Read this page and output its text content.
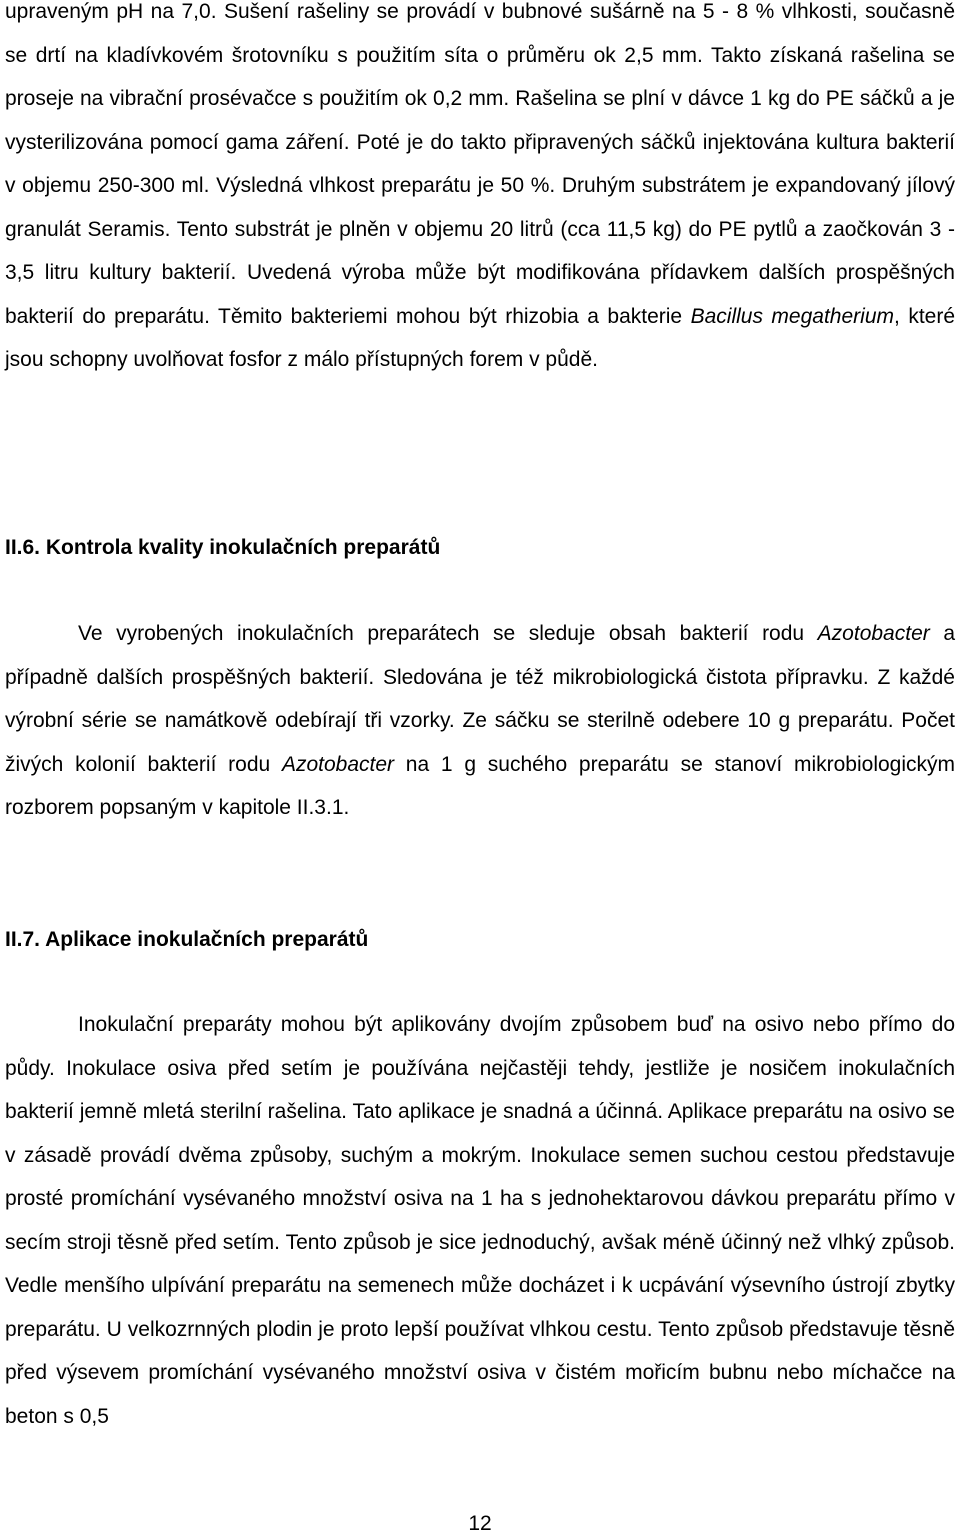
upraveným pH na 7,0. Sušení rašeliny se provádí v bubnové sušárně na 5 - 8 % vlhkosti, současně se drtí na kladívkovém šrotovníku s použitím síta o průměru ok 2,5 mm. Takto získaná rašelina se proseje na vibrační prosévačce s použitím ok 0,2 mm. Rašelina se plní v dávce 1 kg do PE sáčků a je vysterilizována pomocí gama záření. Poté je do takto připravených sáčků injektována kultura bakterií v objemu 250-300 ml. Výsledná vlhkost preparátu je 50 %. Druhým substrátem je expandovaný jílový granulát Seramis. Tento substrát je plněn v objemu 20 litrů (cca 11,5 kg) do PE pytlů a zaočkován 3 - 3,5 litru kultury bakterií. Uvedená výroba může být modifikována přídavkem dalších prospěšných bakterií do preparátu. Těmito bakteriemi mohou být rhizobia a bakterie Bacillus megatherium, které jsou schopny uvolňovat fosfor z málo přístupných forem v půdě.

II.6. Kontrola kvality inokulačních preparátů

Ve vyrobených inokulačních preparátech se sleduje obsah bakterií rodu Azotobacter a případně dalších prospěšných bakterií. Sledována je též mikrobiologická čistota přípravku. Z každé výrobní série se namátkově odebírají tři vzorky. Ze sáčku se sterilně odebere 10 g preparátu. Počet živých kolonií bakterií rodu Azotobacter na 1 g suchého preparátu se stanoví mikrobiologickým rozborem popsaným v kapitole II.3.1.

II.7. Aplikace inokulačních preparátů

Inokulační preparáty mohou být aplikovány dvojím způsobem buď na osivo nebo přímo do půdy. Inokulace osiva před setím je používána nejčastěji tehdy, jestliže je nosičem inokulačních bakterií jemně mletá sterilní rašelina. Tato aplikace je snadná a účinná. Aplikace preparátu na osivo se v zásadě provádí dvěma způsoby, suchým a mokrým. Inokulace semen suchou cestou představuje prosté promíchání vysévaného množství osiva na 1 ha s jednohektarovou dávkou preparátu přímo v secím stroji těsně před setím. Tento způsob je sice jednoduchý, avšak méně účinný než vlhký způsob. Vedle menšího ulpívání preparátu na semenech může docházet i k ucpávání výsevního ústrojí zbytky preparátu. U velkozrnných plodin je proto lepší používat vlhkou cestu. Tento způsob představuje těsně před výsevem promíchání vysévaného množství osiva v čistém mořicím bubnu nebo míchačce na beton s 0,5

12
